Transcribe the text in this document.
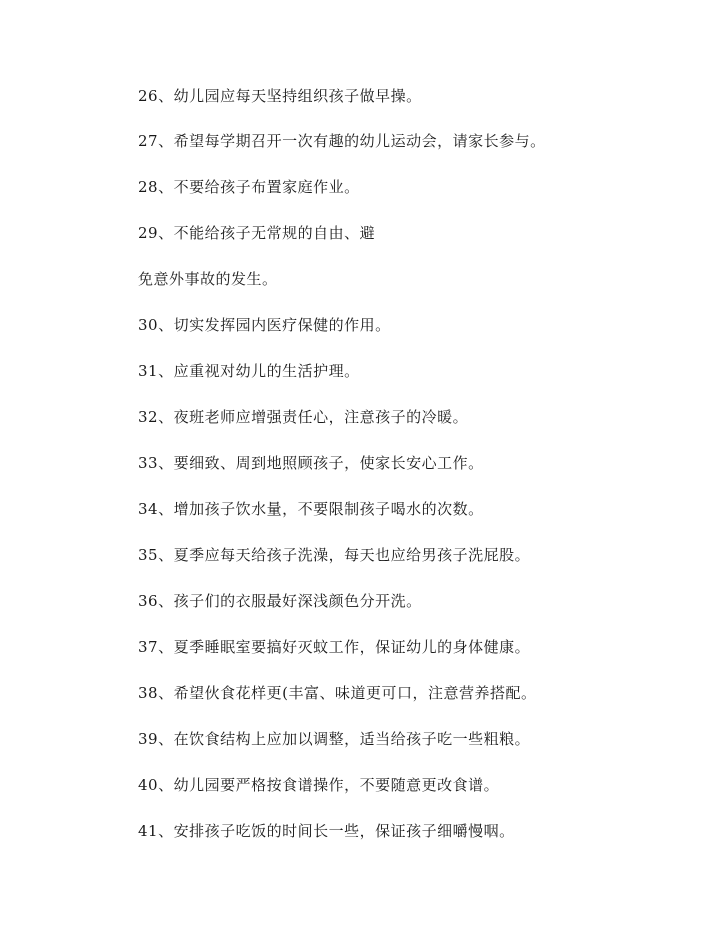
26、幼儿园应每天坚持组织孩子做早操。
27、希望每学期召开一次有趣的幼儿运动会，请家长参与。
28、不要给孩子布置家庭作业。
29、不能给孩子无常规的自由、避
免意外事故的发生。
30、切实发挥园内医疗保健的作用。
31、应重视对幼儿的生活护理。
32、夜班老师应增强责任心，注意孩子的冷暖。
33、要细致、周到地照顾孩子，使家长安心工作。
34、增加孩子饮水量，不要限制孩子喝水的次数。
35、夏季应每天给孩子洗澡，每天也应给男孩子洗屁股。
36、孩子们的衣服最好深浅颜色分开洗。
37、夏季睡眠室要搞好灭蚊工作，保证幼儿的身体健康。
38、希望伙食花样更(丰富、味道更可口，注意营养搭配。
39、在饮食结构上应加以调整，适当给孩子吃一些粗粮。
40、幼儿园要严格按食谱操作，不要随意更改食谱。
41、安排孩子吃饭的时间长一些，保证孩子细嚼慢咽。
